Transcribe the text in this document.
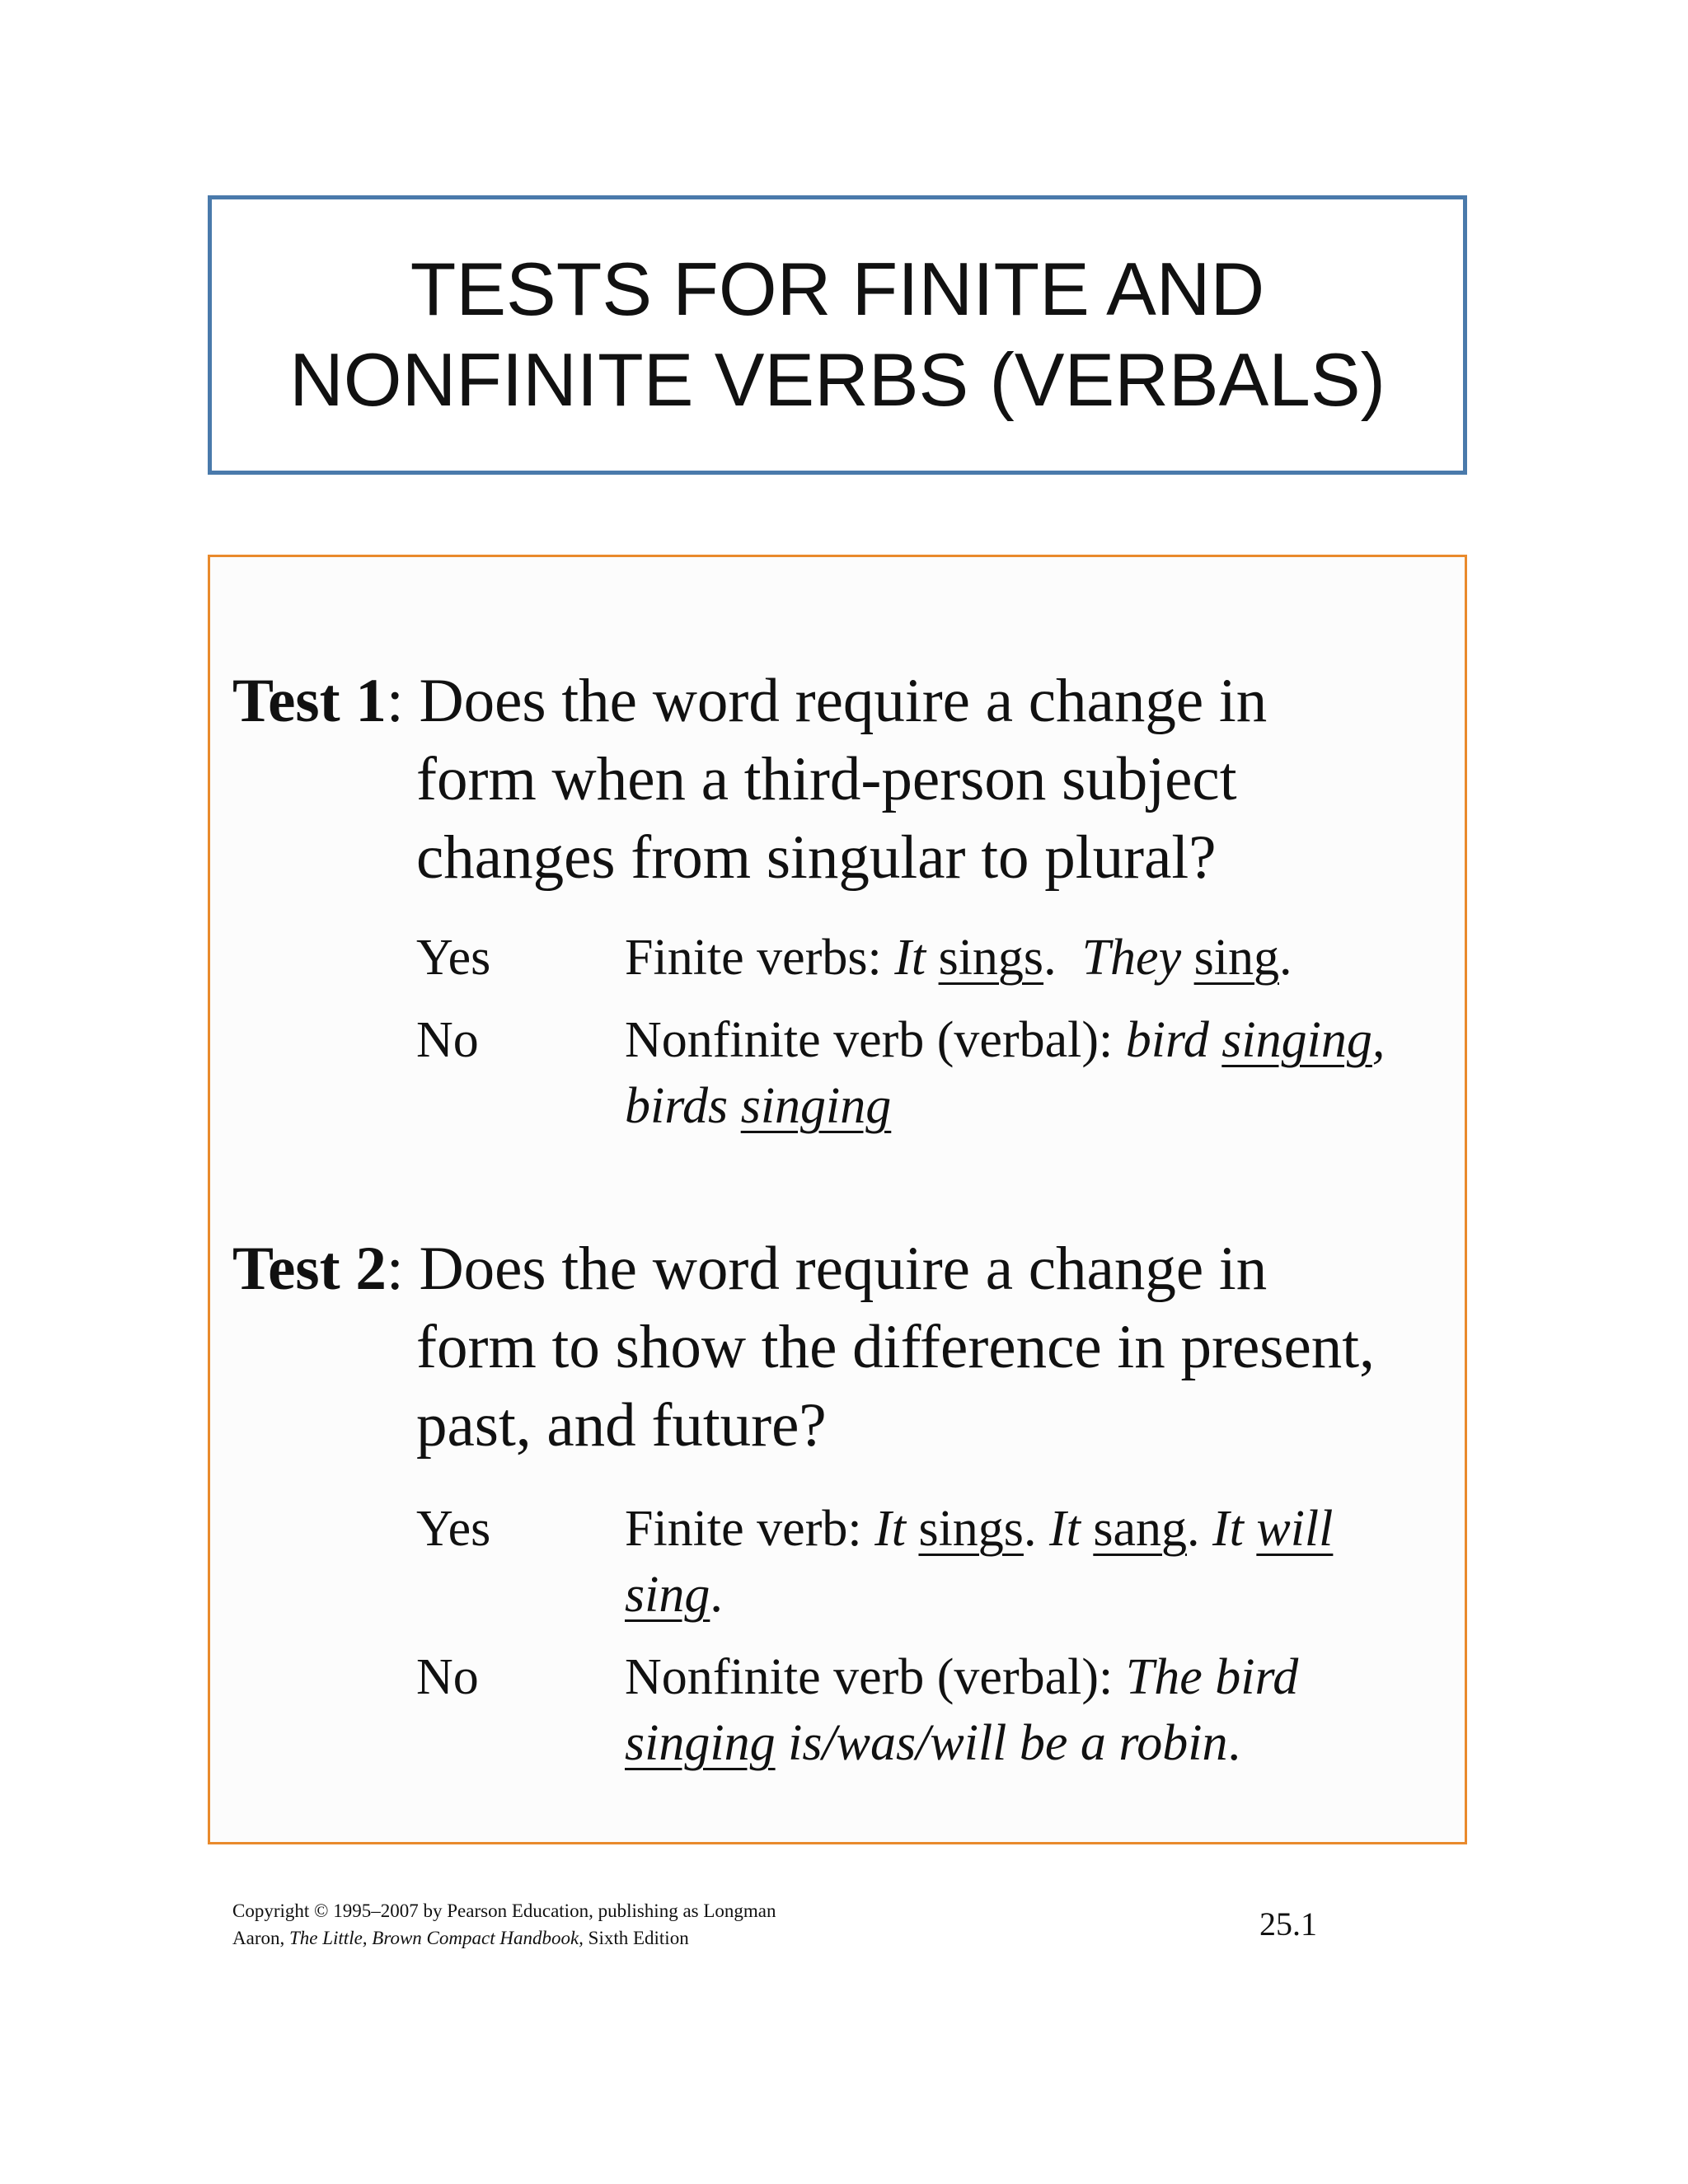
TESTS FOR FINITE AND
NONFINITE VERBS (VERBALS)
Test 1: Does the word require a change in
form when a third-person subject
changes from singular to plural?
Yes	Finite verbs: It sings. They sing.
No	Nonfinite verb (verbal): bird singing,
birds singing
Test 2: Does the word require a change in
form to show the difference in present,
past, and future?
Yes	Finite verb: It sings. It sang. It will
sing.
No	Nonfinite verb (verbal): The bird
singing is/was/will be a robin.
Copyright © 1995–2007 by Pearson Education, publishing as Longman
Aaron, The Little, Brown Compact Handbook, Sixth Edition	25.1
